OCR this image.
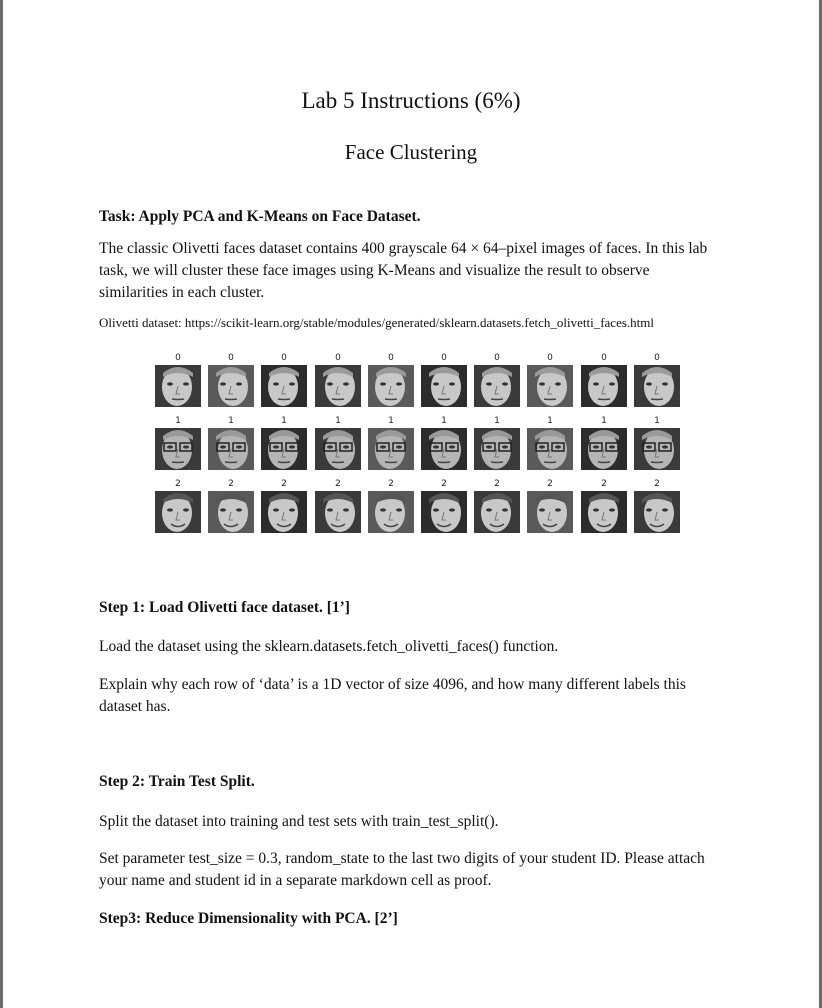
Lab 5 Instructions (6%)
Face Clustering
Task: Apply PCA and K-Means on Face Dataset.
The classic Olivetti faces dataset contains 400 grayscale 64 × 64–pixel images of faces. In this lab task, we will cluster these face images using K-Means and visualize the result to observe similarities in each cluster.
Olivetti dataset: https://scikit-learn.org/stable/modules/generated/sklearn.datasets.fetch_olivetti_faces.html
0	0	0	0	0	0	0	0	0	0
1	1	1	1	1	1	1	1	1	1
2	2	2	2	2	2	2	2	2	2
Step 1: Load Olivetti face dataset. [1’]
Load the dataset using the sklearn.datasets.fetch_olivetti_faces() function.
Explain why each row of ‘data’ is a 1D vector of size 4096, and how many different labels this dataset has.
Step 2: Train Test Split.
Split the dataset into training and test sets with train_test_split().
Set parameter test_size = 0.3, random_state to the last two digits of your student ID. Please attach your name and student id in a separate markdown cell as proof.
Step3: Reduce Dimensionality with PCA. [2’]
